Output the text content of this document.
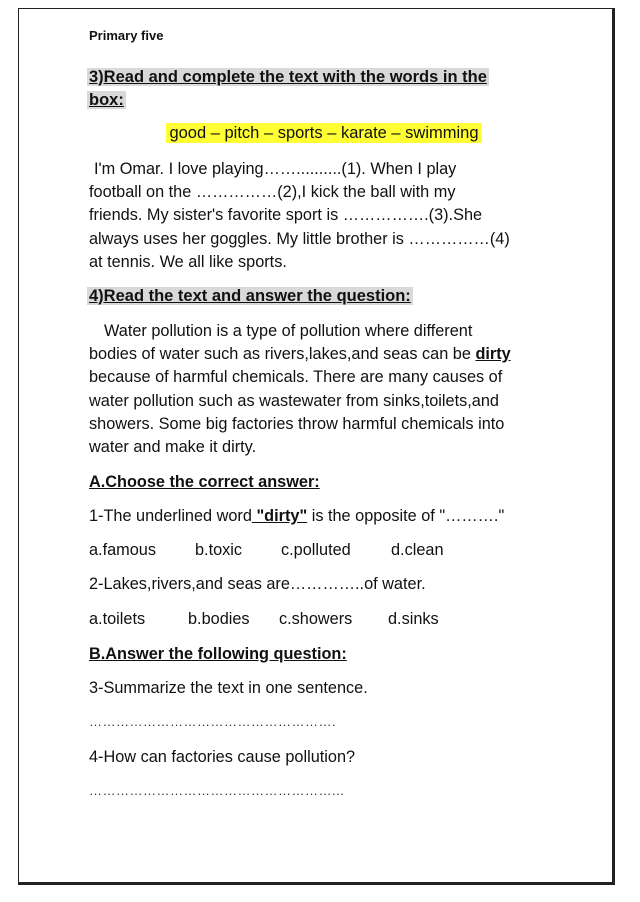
Primary five
3)Read and complete the text with the words in the
box:
good – pitch – sports – karate – swimming

I'm Omar. I love playing……..........(1). When I play

football on the ……………(2),I kick the ball with my

friends. My sister's favorite sport is …………….(3).She

always uses her goggles. My little brother is ……………(4)

at tennis. We all like sports.

4)Read the text and answer the question:

Water pollution is a type of pollution where different

bodies of water such as rivers,lakes,and seas can be dirty

because of harmful chemicals. There are many causes of

water pollution such as wastewater from sinks,toilets,and

showers. Some big factories throw harmful chemicals into

water and make it dirty.

A.Choose the correct answer:
1-The underlined word "dirty" is the opposite of "………."
a.famous b.toxic c.polluted d.clean
2-Lakes,rivers,and seas are…………..of water.
a.toilets	b.bodies c.showers d.sinks
B.Answer the following question:
3-Summarize the text in one sentence.
……………………………………………….
4-How can factories cause pollution?
………………………………………………...
